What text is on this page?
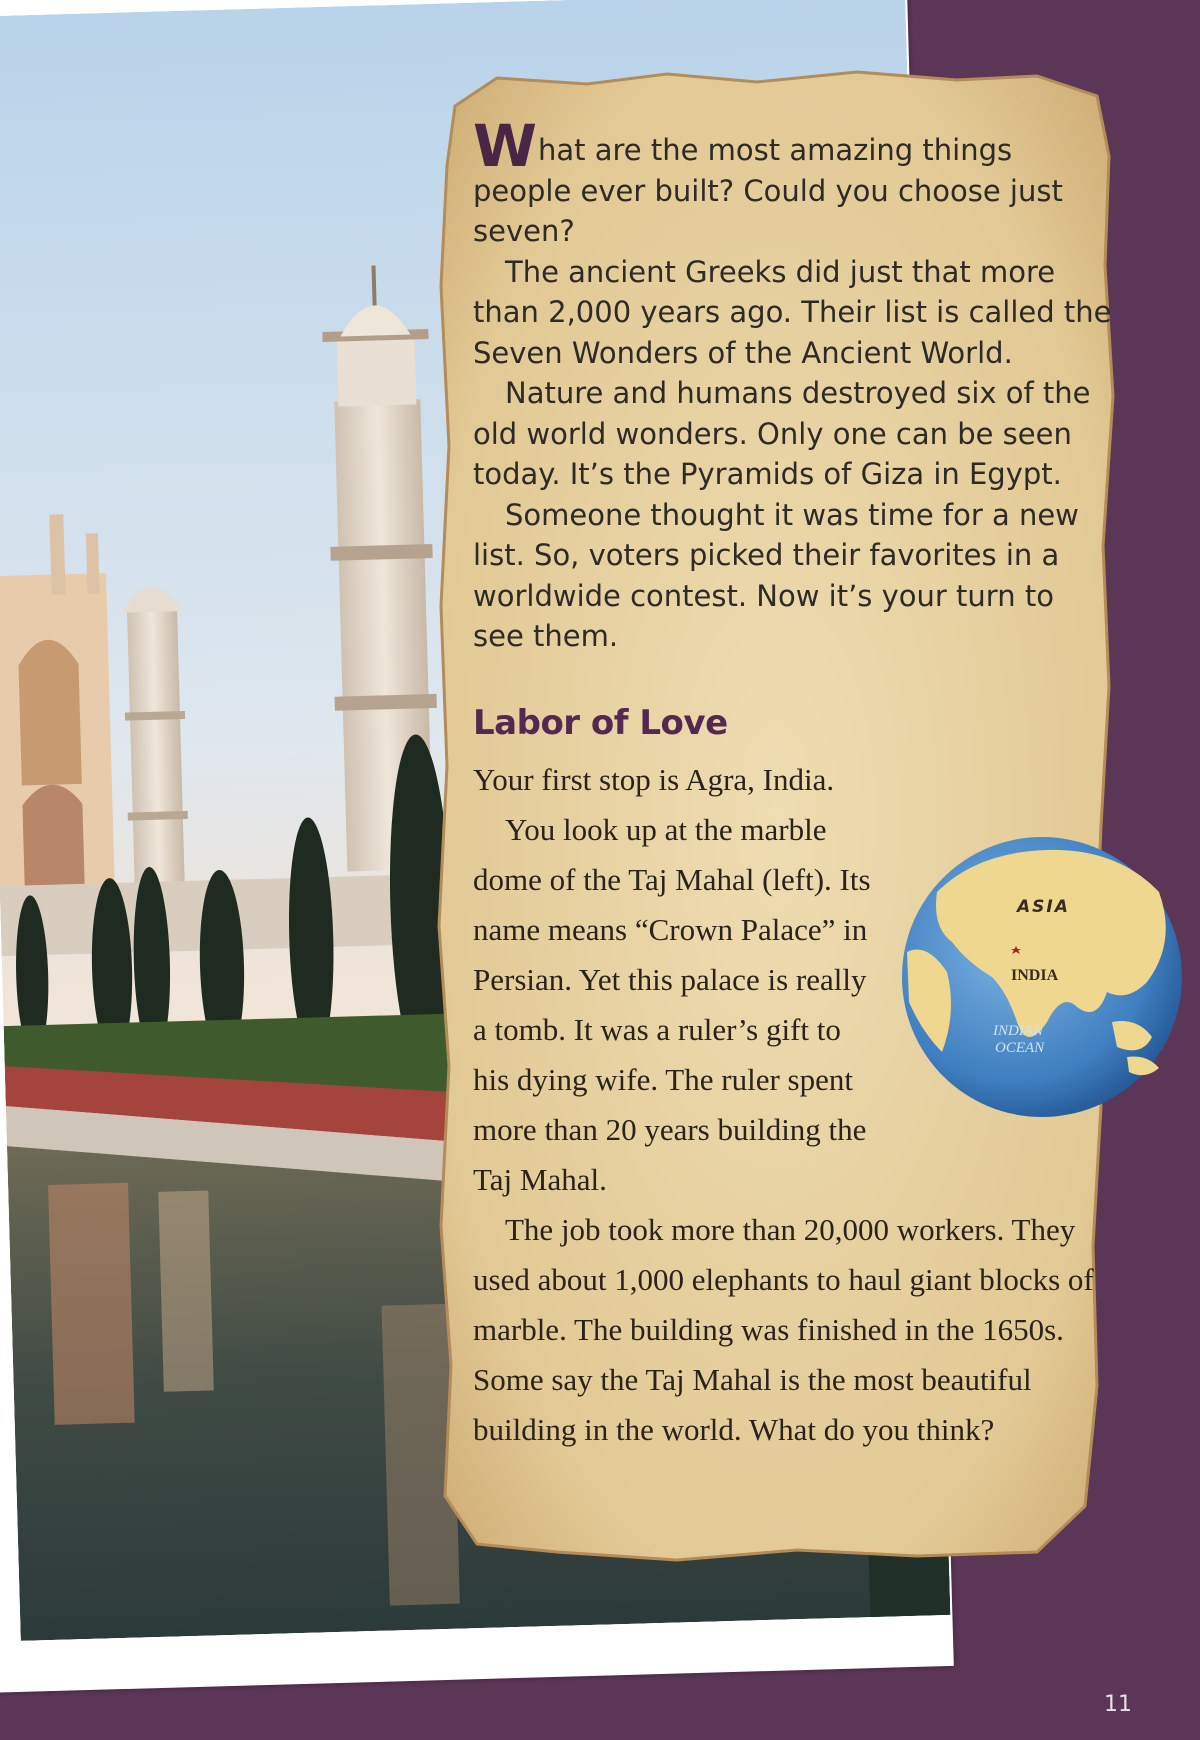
What are the most amazing things people ever built? Could you choose just seven?

The ancient Greeks did just that more than 2,000 years ago. Their list is called the Seven Wonders of the Ancient World.

Nature and humans destroyed six of the old world wonders. Only one can be seen today. It’s the Pyramids of Giza in Egypt.

Someone thought it was time for a new list. So, voters picked their favorites in a worldwide contest. Now it’s your turn to see them.

Labor of Love

Your first stop is Agra, India.

You look up at the marble dome of the Taj Mahal (left). Its name means “Crown Palace” in Persian. Yet this palace is really a tomb. It was a ruler’s gift to his dying wife. The ruler spent more than 20 years building the Taj Mahal.

The job took more than 20,000 workers. They used about 1,000 elephants to haul giant blocks of marble. The building was finished in the 1650s. Some say the Taj Mahal is the most beautiful building in the world. What do you think?

ASIA
INDIA
INDIAN
OCEAN
11
